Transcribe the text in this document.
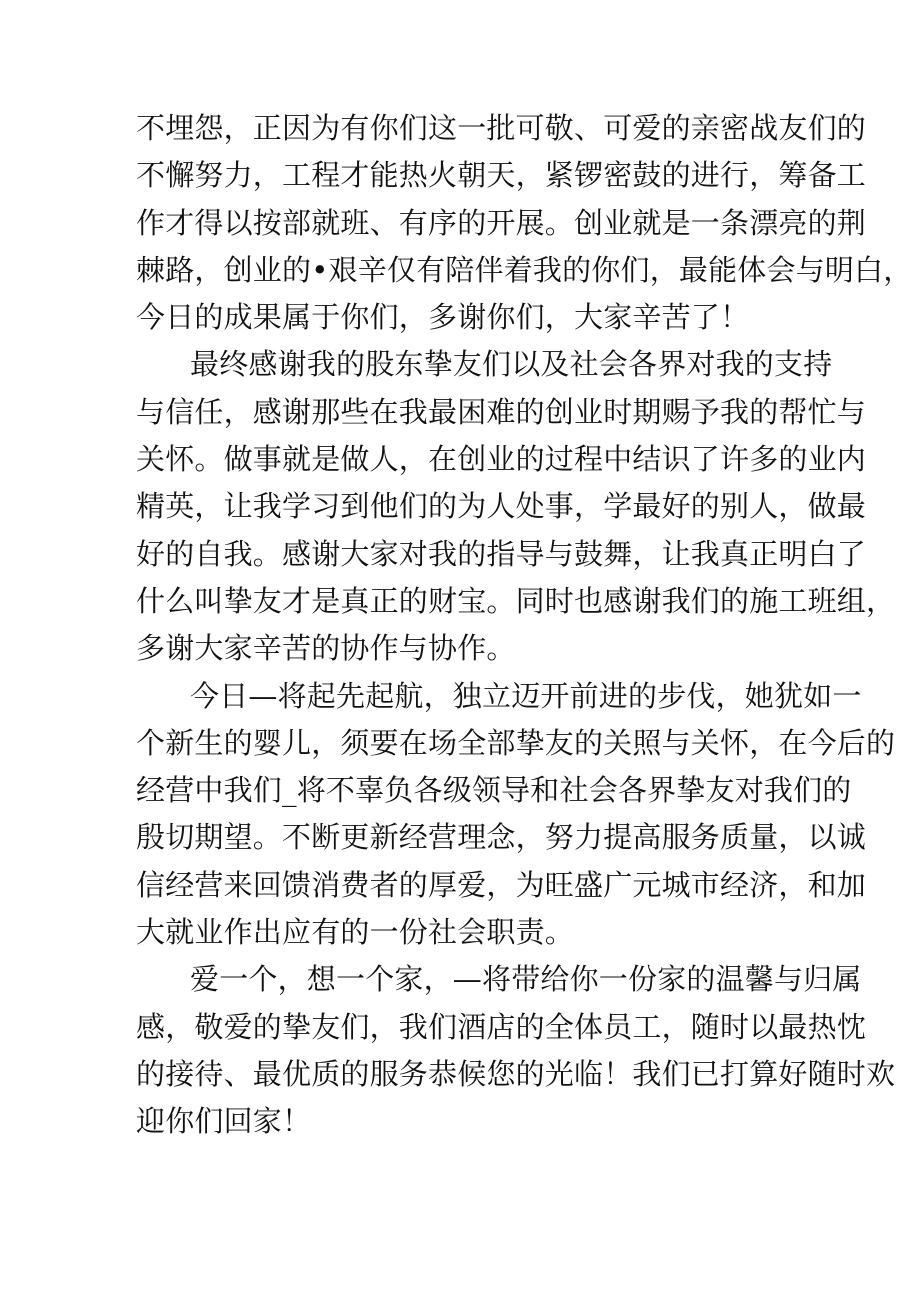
不埋怨，正因为有你们这一批可敬、可爱的亲密战友们的
不懈努力，工程才能热火朝天，紧锣密鼓的进行，筹备工
作才得以按部就班、有序的开展。创业就是一条漂亮的荆
棘路，创业的•艰辛仅有陪伴着我的你们，最能体会与明白，
今日的成果属于你们，多谢你们，大家辛苦了！
最终感谢我的股东挚友们以及社会各界对我的支持
与信任，感谢那些在我最困难的创业时期赐予我的帮忙与
关怀。做事就是做人，在创业的过程中结识了许多的业内
精英，让我学习到他们的为人处事，学最好的别人，做最
好的自我。感谢大家对我的指导与鼓舞，让我真正明白了
什么叫挚友才是真正的财宝。同时也感谢我们的施工班组，
多谢大家辛苦的协作与协作。
今日—将起先起航，独立迈开前进的步伐，她犹如一
个新生的婴儿，须要在场全部挚友的关照与关怀，在今后的
经营中我们_将不辜负各级领导和社会各界挚友对我们的
殷切期望。不断更新经营理念，努力提高服务质量，以诚
信经营来回馈消费者的厚爱，为旺盛广元城市经济，和加
大就业作出应有的一份社会职责。
爱一个，想一个家，—将带给你一份家的温馨与归属
感，敬爱的挚友们，我们酒店的全体员工，随时以最热忱
的接待、最优质的服务恭候您的光临！我们已打算好随时欢
迎你们回家！
